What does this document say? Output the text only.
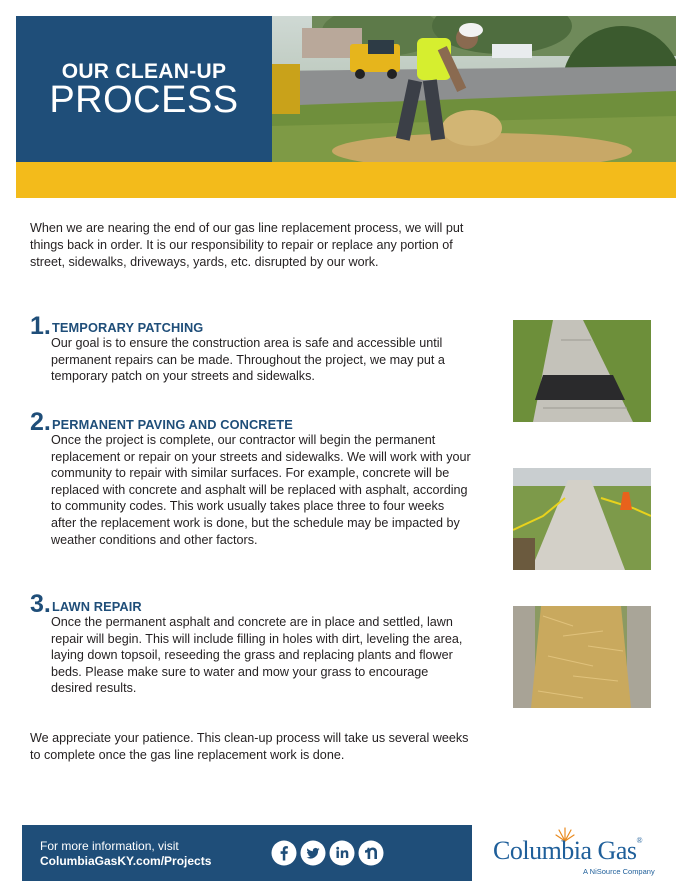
OUR CLEAN-UP
PROCESS

When we are nearing the end of our gas line replacement process, we will put things back in order. It is our responsibility to repair or replace any portion of street, sidewalks, driveways, yards, etc. disrupted by our work.

1. TEMPORARY PATCHING

Our goal is to ensure the construction area is safe and accessible until permanent repairs can be made. Throughout the project, we may put a temporary patch on your streets and sidewalks.

2. PERMANENT PAVING AND CONCRETE

Once the project is complete, our contractor will begin the permanent replacement or repair on your streets and sidewalks. We will work with your community to repair with similar surfaces. For example, concrete will be replaced with concrete and asphalt will be replaced with asphalt, according to community codes. This work usually takes place three to four weeks after the replacement work is done, but the schedule may be impacted by weather conditions and other factors.

3. LAWN REPAIR

Once the permanent asphalt and concrete are in place and settled, lawn repair will begin. This will include filling in holes with dirt, leveling the area, laying down topsoil, reseeding the grass and replacing plants and flower beds. Please make sure to water and mow your grass to encourage desired results.

We appreciate your patience. This clean-up process will take us several weeks to complete once the gas line replacement work is done.

For more information, visit
ColumbiaGasKY.com/Projects	Columbia Gas®
A NiSource Company
